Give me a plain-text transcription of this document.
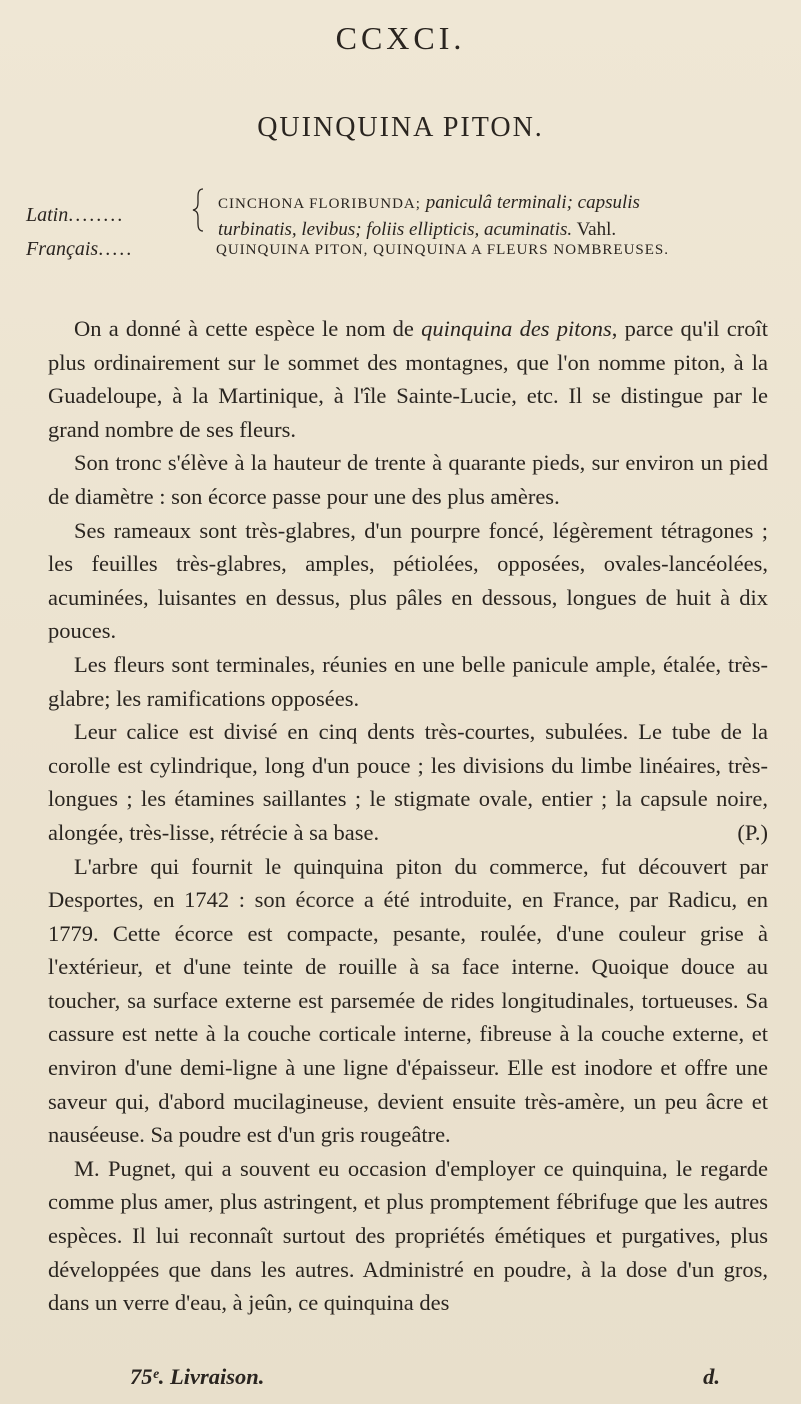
CCXCI.
QUINQUINA PITON.
Latin........	CINCHONA FLORIBUNDA; paniculâ terminali; capsulis
turbinatis, levibus; foliis ellipticis, acuminatis. Vahl.
Français.....	QUINQUINA PITON, QUINQUINA A FLEURS NOMBREUSES.

On a donné à cette espèce le nom de quinquina des pitons, parce qu'il croît plus ordinairement sur le sommet des montagnes, que l'on nomme piton, à la Guadeloupe, à la Martinique, à l'île Sainte-Lucie, etc. Il se distingue par le grand nombre de ses fleurs.

Son tronc s'élève à la hauteur de trente à quarante pieds, sur environ un pied de diamètre : son écorce passe pour une des plus amères.

Ses rameaux sont très-glabres, d'un pourpre foncé, légèrement tétragones ; les feuilles très-glabres, amples, pétiolées, opposées, ovales-lancéolées, acuminées, luisantes en dessus, plus pâles en dessous, longues de huit à dix pouces.

Les fleurs sont terminales, réunies en une belle panicule ample, étalée, très-glabre; les ramifications opposées.

Leur calice est divisé en cinq dents très-courtes, subulées. Le tube de la corolle est cylindrique, long d'un pouce ; les divisions du limbe linéaires, très-longues ; les étamines saillantes ; le stigmate ovale, entier ; la capsule noire, alongée, très-lisse, rétrécie à sa base.	(P.)

L'arbre qui fournit le quinquina piton du commerce, fut découvert par Desportes, en 1742 : son écorce a été introduite, en France, par Radicu, en 1779. Cette écorce est compacte, pesante, roulée, d'une couleur grise à l'extérieur, et d'une teinte de rouille à sa face interne. Quoique douce au toucher, sa surface externe est parsemée de rides longitudinales, tortueuses. Sa cassure est nette à la couche corticale interne, fibreuse à la couche externe, et environ d'une demi-ligne à une ligne d'épaisseur. Elle est inodore et offre une saveur qui, d'abord mucilagineuse, devient ensuite très-amère, un peu âcre et nauséeuse. Sa poudre est d'un gris rougeâtre.

M. Pugnet, qui a souvent eu occasion d'employer ce quinquina, le regarde comme plus amer, plus astringent, et plus promptement fébrifuge que les autres espèces. Il lui reconnaît surtout des propriétés émétiques et purgatives, plus développées que dans les autres. Administré en poudre, à la dose d'un gros, dans un verre d'eau, à jeûn, ce quinquina des

75ᵉ. Livraison.	d.
